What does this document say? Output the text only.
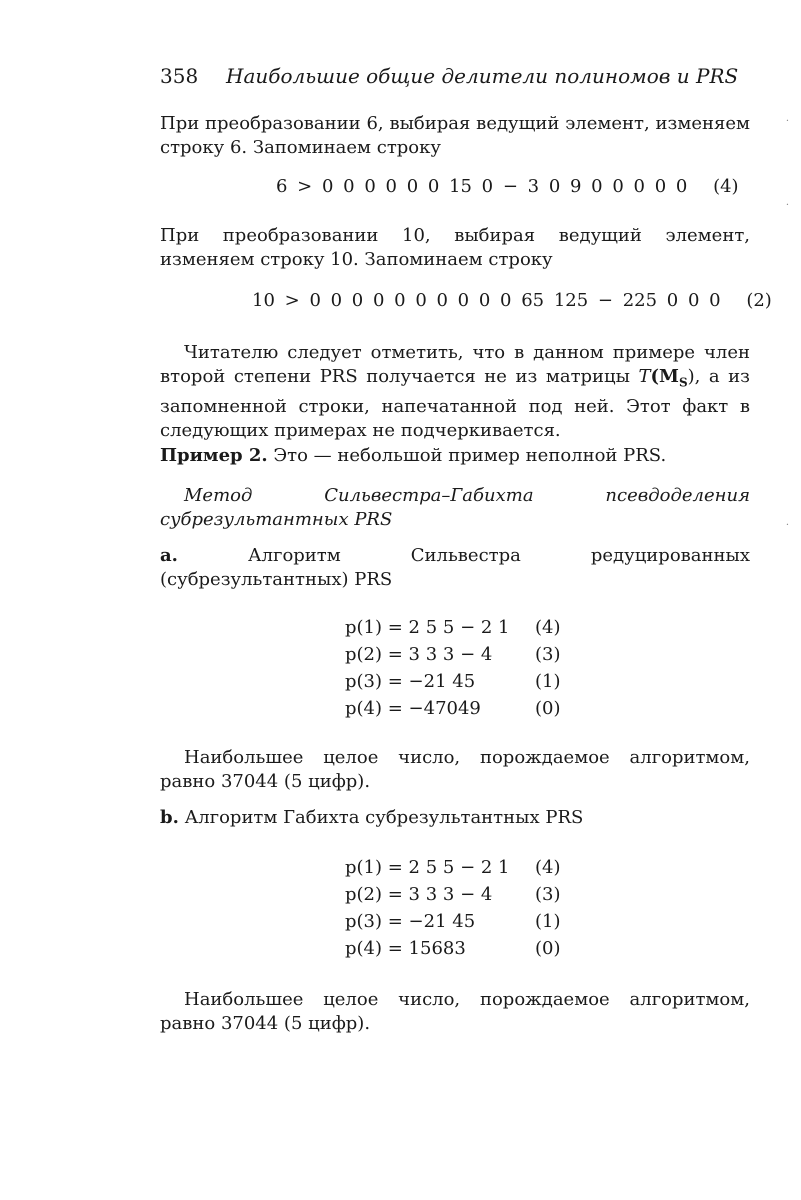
358 Наибольшие общие делители полиномов и PRS
При преобразовании 6, выбирая ведущий элемент, изменяем строку 6. Запоминаем строку
6 > 0 0 0 0 0 0 15 0 − 3 0 9 0 0 0 0 0 (4)
При преобразовании 10, выбирая ведущий элемент, изменяем строку 10. Запоминаем строку
10 > 0 0 0 0 0 0 0 0 0 0 65 125 − 225 0 0 0 (2)
Читателю следует отметить, что в данном примере член второй степени PRS получается не из матрицы $T(M_S)$, а из запомненной строки, напечатанной под ней. Этот факт в следующих примерах не подчеркивается.
Пример 2. Это — небольшой пример неполной PRS.
Метод Сильвестра–Габихта псевдоделения субрезультантных PRS
a. Алгоритм Сильвестра редуцированных (субрезультантных) PRS
p(1) = 2 5 5 − 2 1 (4)
p(2) = 3 3 3 − 4 (3)
p(3) = −21 45	(1)
p(4) = −47049	(0)
Наибольшее целое число, порождаемое алгоритмом, равно 37044 (5 цифр).
b. Алгоритм Габихта субрезультантных PRS
p(1) = 2 5 5 − 2 1 (4)
p(2) = 3 3 3 − 4 (3)
p(3) = −21 45	(1)
p(4) = 15683	(0)
Наибольшее целое число, порождаемое алгоритмом, равно 37044 (5 цифр).
·
·
·
